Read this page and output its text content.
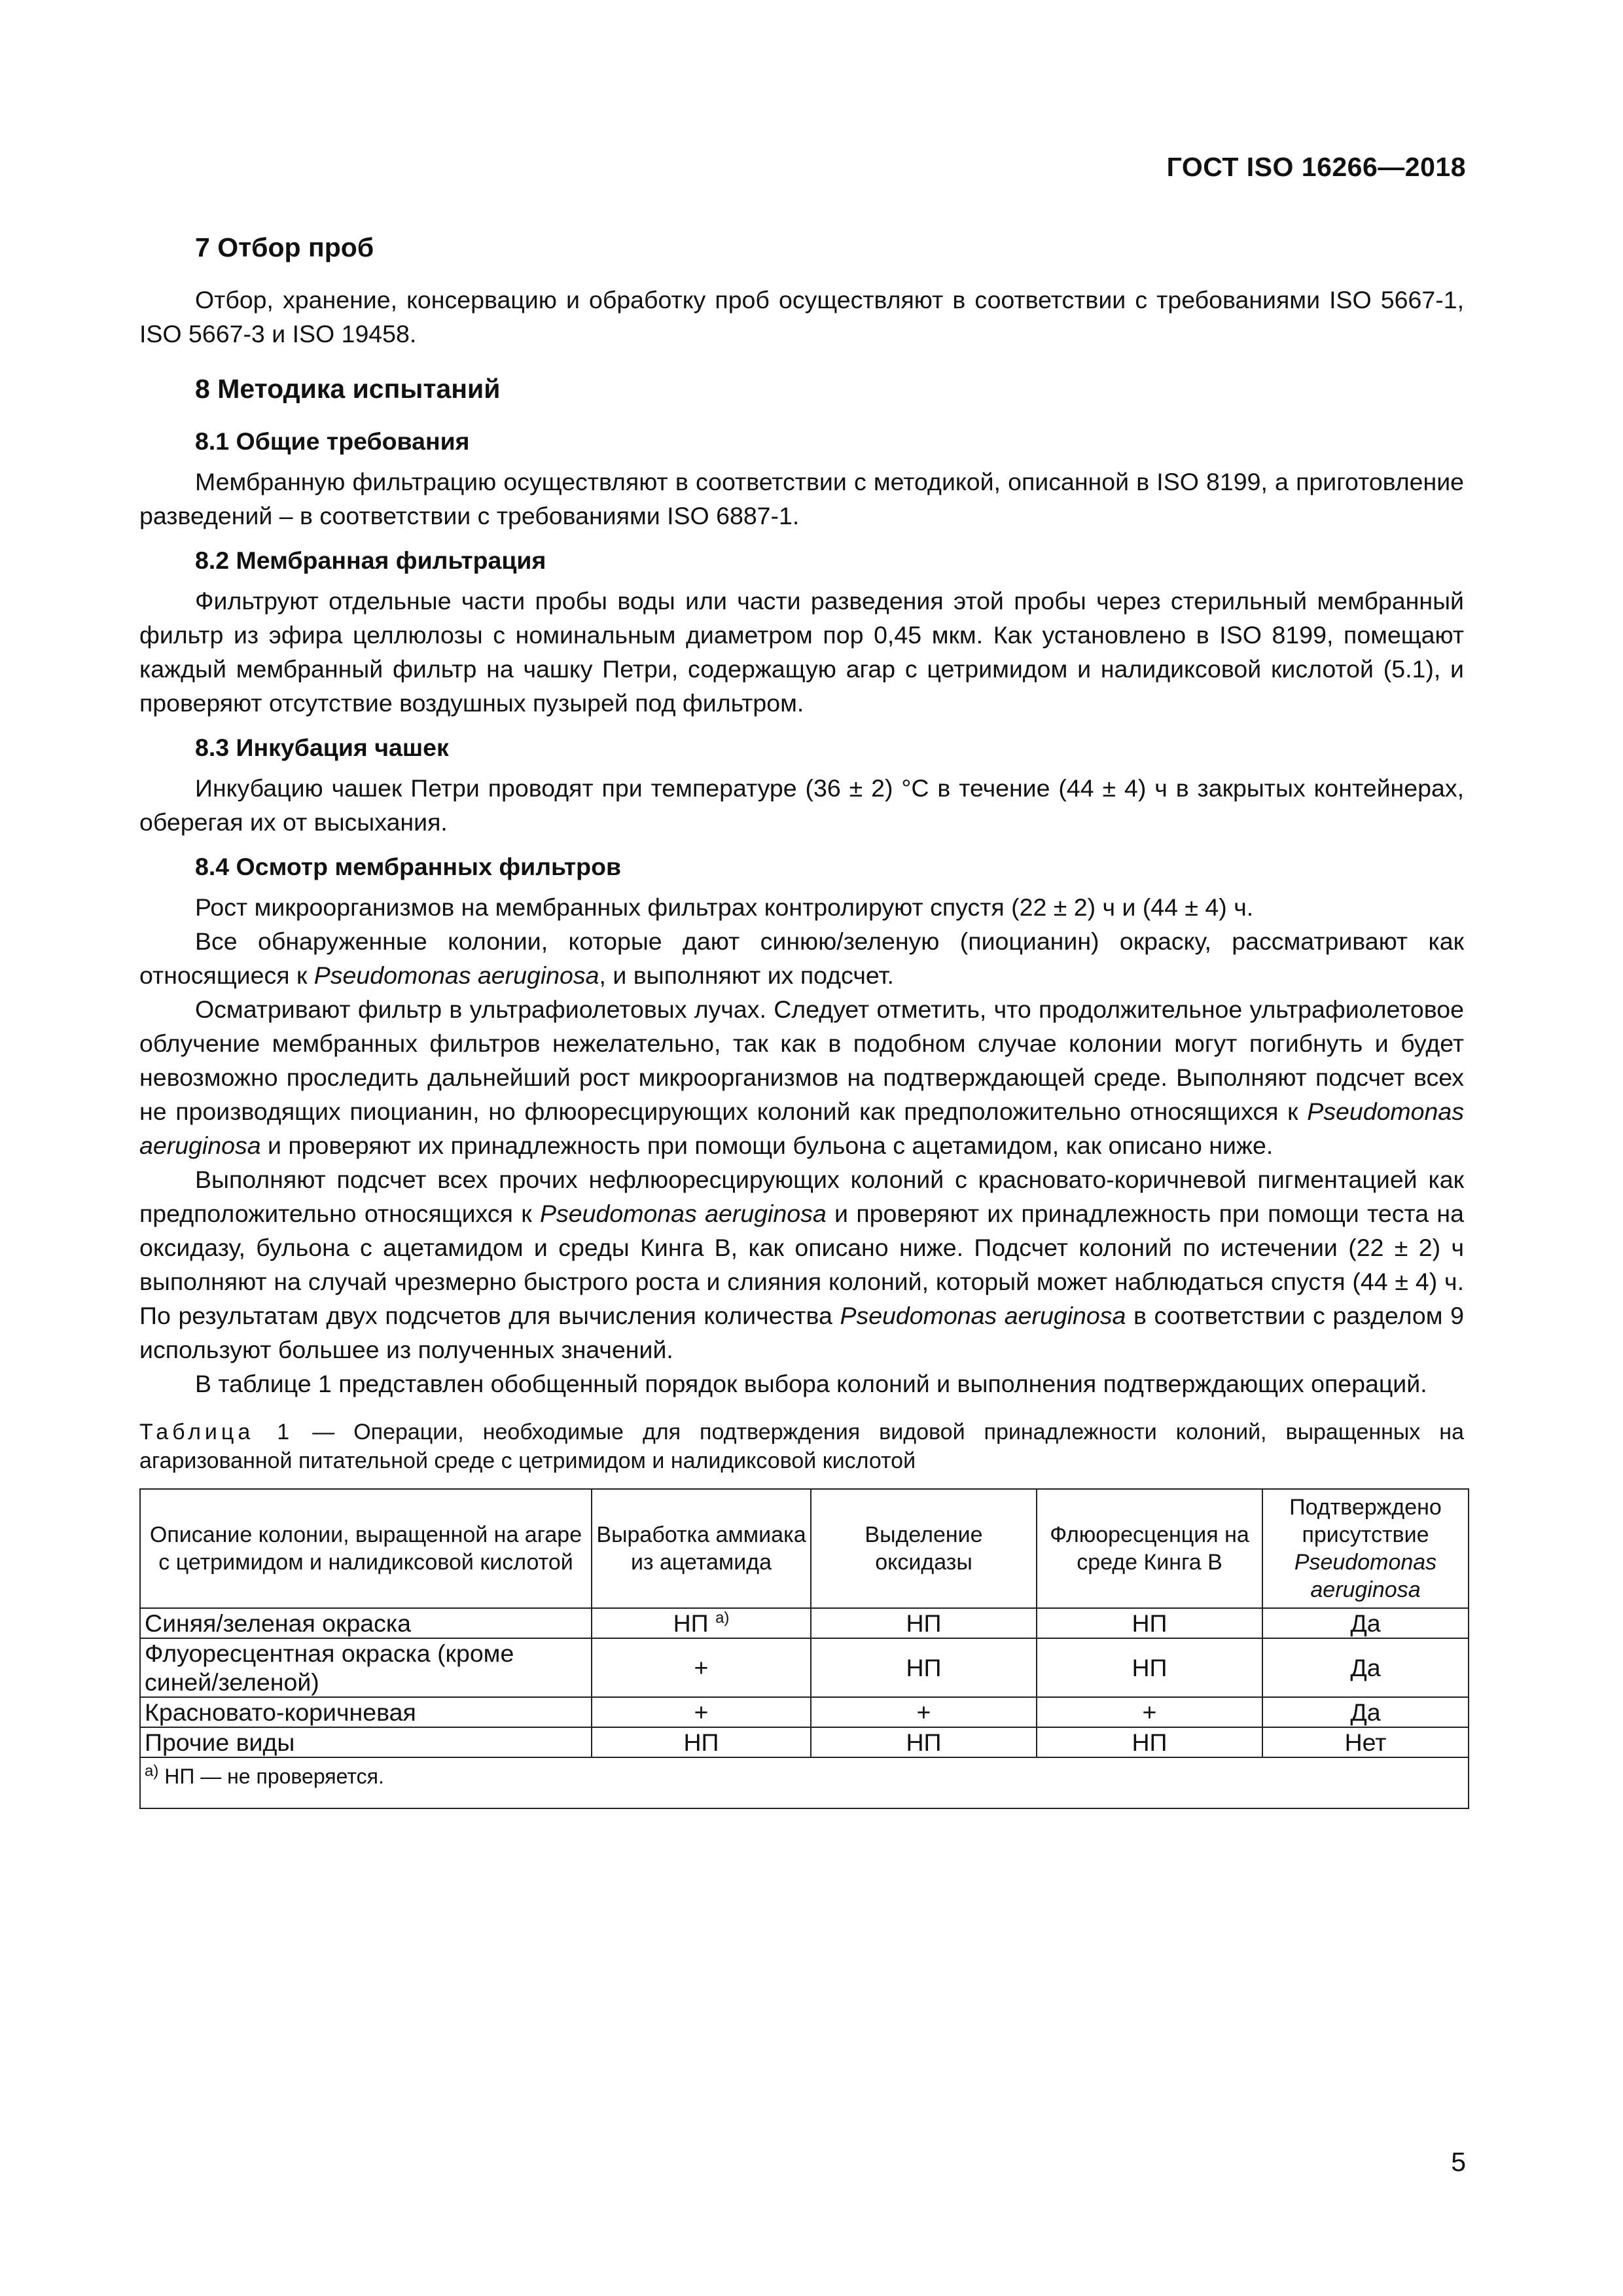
ГОСТ ISO 16266—2018
7 Отбор проб

Отбор, хранение, консервацию и обработку проб осуществляют в соответствии с требованиями ISO 5667-1, ISO 5667-3 и ISO 19458.

8 Методика испытаний
8.1 Общие требования

Мембранную фильтрацию осуществляют в соответствии с методикой, описанной в ISO 8199, а приготовление разведений – в соответствии с требованиями ISO 6887-1.

8.2 Мембранная фильтрация

Фильтруют отдельные части пробы воды или части разведения этой пробы через стерильный мембранный фильтр из эфира целлюлозы с номинальным диаметром пор 0,45 мкм. Как установлено в ISO 8199, помещают каждый мембранный фильтр на чашку Петри, содержащую агар с цетримидом и налидиксовой кислотой (5.1), и проверяют отсутствие воздушных пузырей под фильтром.

8.3 Инкубация чашек

Инкубацию чашек Петри проводят при температуре (36 ± 2) °С в течение (44 ± 4) ч в закрытых контейнерах, оберегая их от высыхания.

8.4 Осмотр мембранных фильтров

Рост микроорганизмов на мембранных фильтрах контролируют спустя (22 ± 2) ч и (44 ± 4) ч.

Все обнаруженные колонии, которые дают синюю/зеленую (пиоцианин) окраску, рассматривают как относящиеся к Pseudomonas aeruginosa, и выполняют их подсчет.

Осматривают фильтр в ультрафиолетовых лучах. Следует отметить, что продолжительное ультрафиолетовое облучение мембранных фильтров нежелательно, так как в подобном случае колонии могут погибнуть и будет невозможно проследить дальнейший рост микроорганизмов на подтверждающей среде. Выполняют подсчет всех не производящих пиоцианин, но флюоресцирующих колоний как предположительно относящихся к Pseudomonas aeruginosa и проверяют их принадлежность при помощи бульона с ацетамидом, как описано ниже.

Выполняют подсчет всех прочих нефлюоресцирующих колоний с красновато-коричневой пигментацией как предположительно относящихся к Pseudomonas aeruginosa и проверяют их принадлежность при помощи теста на оксидазу, бульона с ацетамидом и среды Кинга В, как описано ниже. Подсчет колоний по истечении (22 ± 2) ч выполняют на случай чрезмерно быстрого роста и слияния колоний, который может наблюдаться спустя (44 ± 4) ч. По результатам двух подсчетов для вычисления количества Pseudomonas aeruginosa в соответствии с разделом 9 используют большее из полученных значений.

В таблице 1 представлен обобщенный порядок выбора колоний и выполнения подтверждающих операций.

Таблица 1 — Операции, необходимые для подтверждения видовой принадлежности колоний, выращенных на агаризованной питательной среде с цетримидом и налидиксовой кислотой
Описание колонии, выращенной на агаре с цетримидом и налидиксовой кислотой	Выработка аммиака из ацетамида	Выделение оксидазы	Флюоресценция на среде Кинга В	Подтверждено присутствие
Pseudomonas aeruginosa
Синяя/зеленая окраска	НП $^{а)}$	НП	НП	Да
Флуоресцентная окраска (кроме синей/зеленой)	+	НП	НП	Да
Красновато-коричневая	+	+	+	Да
Прочие виды	НП	НП	НП	Нет
$^{а)}$ НП — не проверяется.				
5
